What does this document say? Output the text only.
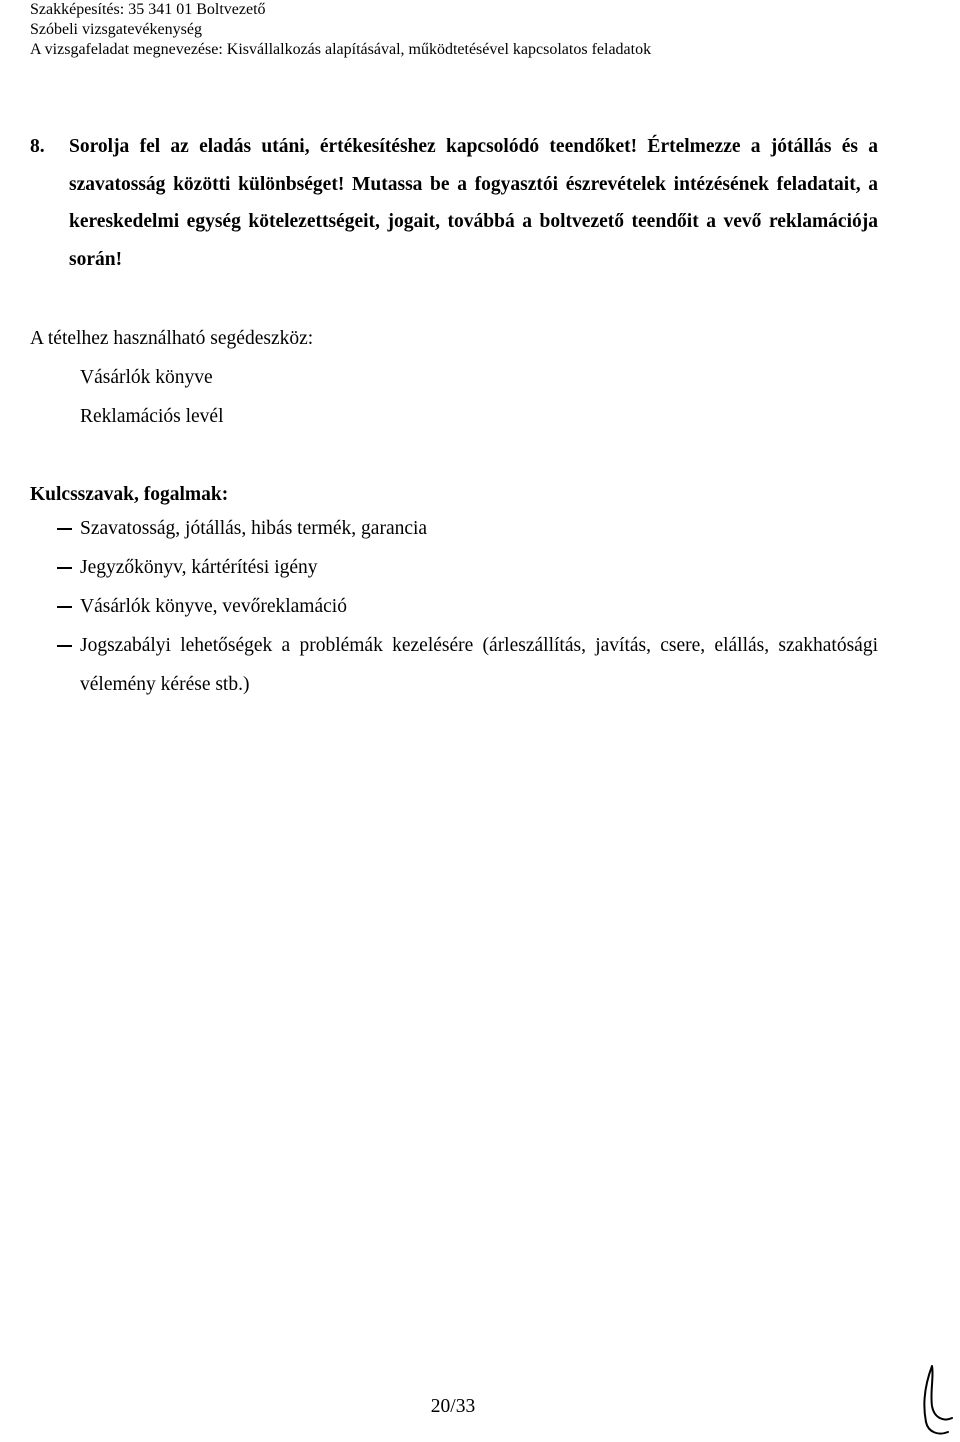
Szakképesítés: 35 341 01 Boltvezető
Szóbeli vizsgatevékenység
A vizsgafeladat megnevezése: Kisvállalkozás alapításával, működtetésével kapcsolatos feladatok
8. Sorolja fel az eladás utáni, értékesítéshez kapcsolódó teendőket! Értelmezze a jótállás és a szavatosság közötti különbséget! Mutassa be a fogyasztói észrevételek intézésének feladatait, a kereskedelmi egység kötelezettségeit, jogait, továbbá a boltvezető teendőit a vevő reklamációja során!
A tételhez használható segédeszköz:
Vásárlók könyve
Reklamációs levél
Kulcsszavak, fogalmak:
Szavatosság, jótállás, hibás termék, garancia
Jegyzőkönyv, kártérítési igény
Vásárlók könyve, vevőreklamáció
Jogszabályi lehetőségek a problémák kezelésére (árleszállítás, javítás, csere, elállás, szakhatósági vélemény kérése stb.)
20/33
